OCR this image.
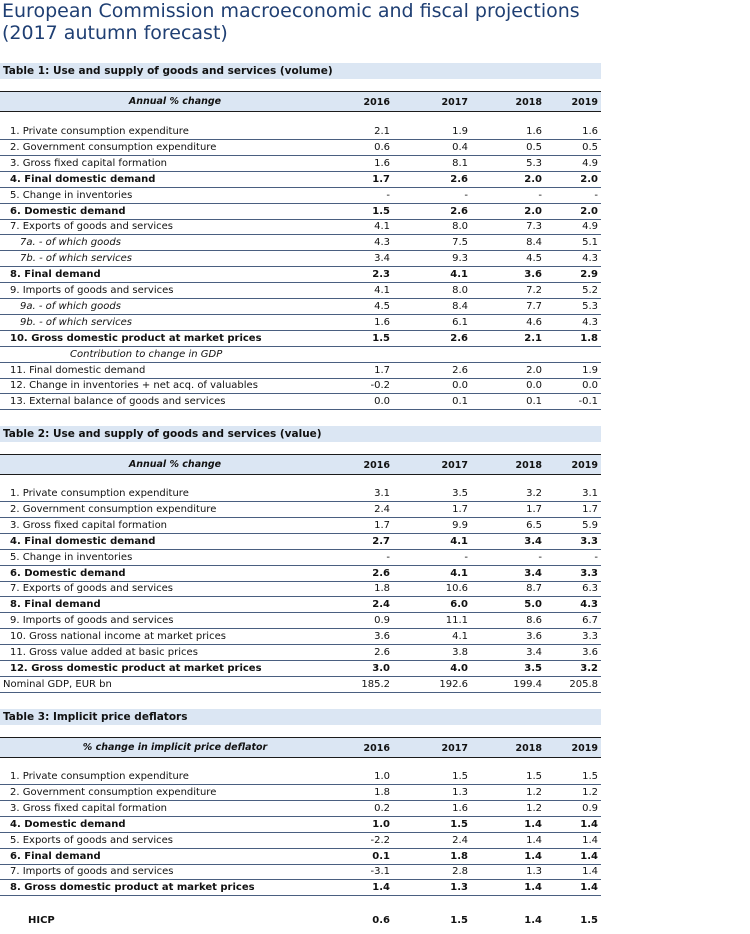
European Commission macroeconomic and fiscal projections (2017 autumn forecast)
Table 1: Use and supply of goods and services (volume)
Annual % change	2016	2017	2018	2019
1. Private consumption expenditure	2.1	1.9	1.6	1.6
2. Government consumption expenditure	0.6	0.4	0.5	0.5
3. Gross fixed capital formation	1.6	8.1	5.3	4.9
4. Final domestic demand	1.7	2.6	2.0	2.0
5. Change in inventories	-	-	-	-
6. Domestic demand	1.5	2.6	2.0	2.0
7. Exports of goods and services	4.1	8.0	7.3	4.9
7a. - of which goods	4.3	7.5	8.4	5.1
7b. - of which services	3.4	9.3	4.5	4.3
8. Final demand	2.3	4.1	3.6	2.9
9. Imports of goods and services	4.1	8.0	7.2	5.2
9a. - of which goods	4.5	8.4	7.7	5.3
9b. - of which services	1.6	6.1	4.6	4.3
10. Gross domestic product at market prices	1.5	2.6	2.1	1.8
Contribution to change in GDP
11. Final domestic demand	1.7	2.6	2.0	1.9
12. Change in inventories + net acq. of valuables	-0.2	0.0	0.0	0.0
13. External balance of goods and services	0.0	0.1	0.1	-0.1
Table 2: Use and supply of goods and services (value)
Annual % change	2016	2017	2018	2019
1. Private consumption expenditure	3.1	3.5	3.2	3.1
2. Government consumption expenditure	2.4	1.7	1.7	1.7
3. Gross fixed capital formation	1.7	9.9	6.5	5.9
4. Final domestic demand	2.7	4.1	3.4	3.3
5. Change in inventories	-	-	-	-
6. Domestic demand	2.6	4.1	3.4	3.3
7. Exports of goods and services	1.8	10.6	8.7	6.3
8. Final demand	2.4	6.0	5.0	4.3
9. Imports of goods and services	0.9	11.1	8.6	6.7
10. Gross national income at market prices	3.6	4.1	3.6	3.3
11. Gross value added at basic prices	2.6	3.8	3.4	3.6
12. Gross domestic product at market prices	3.0	4.0	3.5	3.2
Nominal GDP, EUR bn	185.2	192.6	199.4	205.8
Table 3: Implicit price deflators
% change in implicit price deflator	2016	2017	2018	2019
1. Private consumption expenditure	1.0	1.5	1.5	1.5
2. Government consumption expenditure	1.8	1.3	1.2	1.2
3. Gross fixed capital formation	0.2	1.6	1.2	0.9
4. Domestic demand	1.0	1.5	1.4	1.4
5. Exports of goods and services	-2.2	2.4	1.4	1.4
6. Final demand	0.1	1.8	1.4	1.4
7. Imports of goods and services	-3.1	2.8	1.3	1.4
8. Gross domestic product at market prices	1.4	1.3	1.4	1.4
HICP	0.6	1.5	1.4	1.5
